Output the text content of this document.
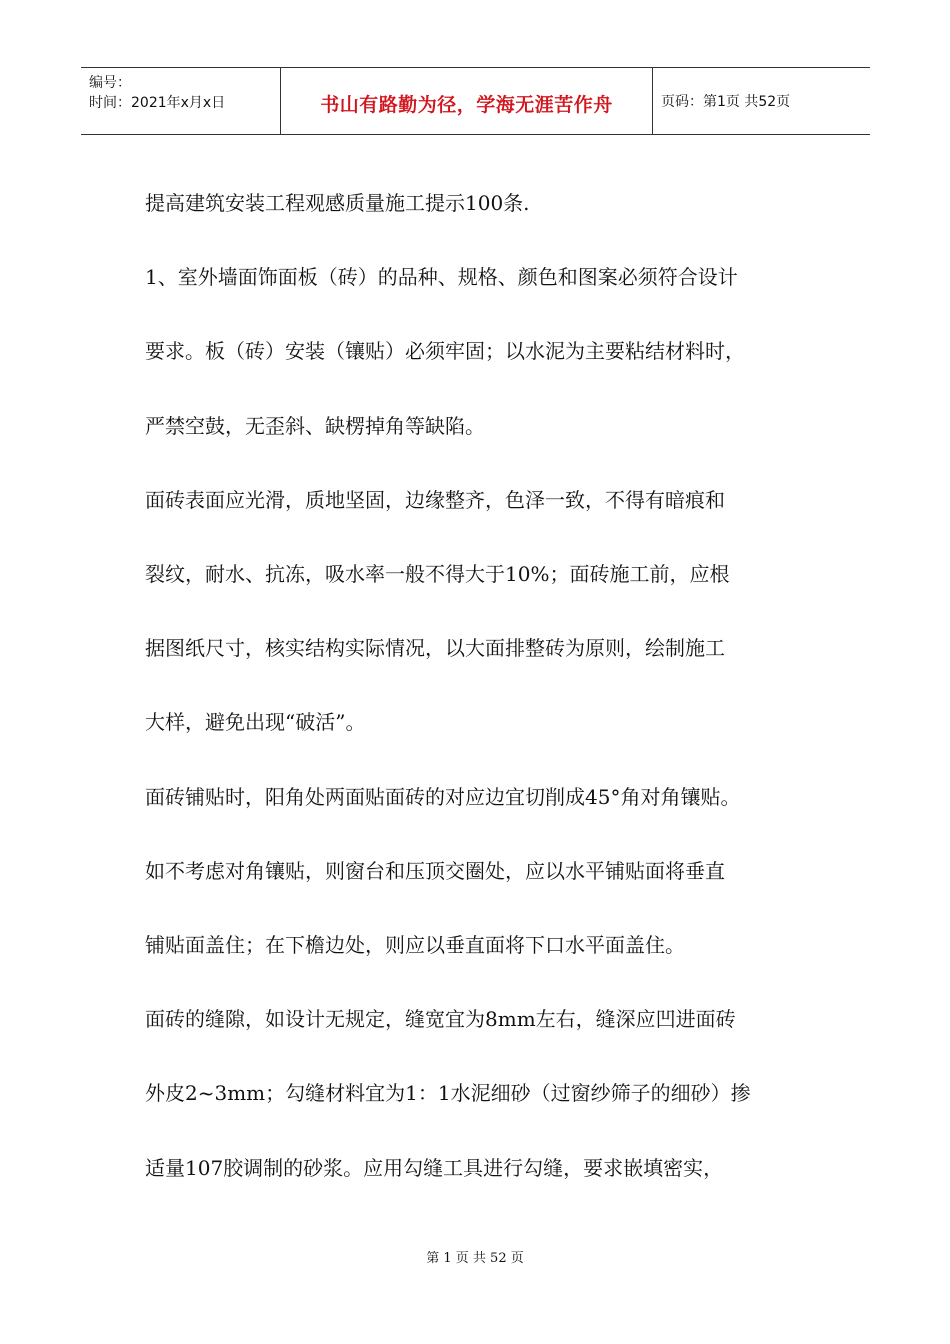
编号：
时间：2021年x月x日	书山有路勤为径，学海无涯苦作舟	页码：第1页 共52页

提高建筑安装工程观感质量施工提示100条.

1、室外墙面饰面板（砖）的品种、规格、颜色和图案必须符合设计

要求。板（砖）安装（镶贴）必须牢固；以水泥为主要粘结材料时，

严禁空鼓，无歪斜、缺楞掉角等缺陷。

面砖表面应光滑，质地坚固，边缘整齐，色泽一致，不得有暗痕和

裂纹，耐水、抗冻，吸水率一般不得大于10%；面砖施工前，应根

据图纸尺寸，核实结构实际情况，以大面排整砖为原则，绘制施工

大样，避免出现“破活”。

面砖铺贴时，阳角处两面贴面砖的对应边宜切削成45°角对角镶贴。

如不考虑对角镶贴，则窗台和压顶交圈处，应以水平铺贴面将垂直

铺贴面盖住；在下檐边处，则应以垂直面将下口水平面盖住。

面砖的缝隙，如设计无规定，缝宽宜为8mm左右，缝深应凹进面砖

外皮2~3mm；勾缝材料宜为1：1水泥细砂（过窗纱筛子的细砂）掺

适量107胶调制的砂浆。应用勾缝工具进行勾缝，要求嵌填密实，

第 1 页 共 52 页
